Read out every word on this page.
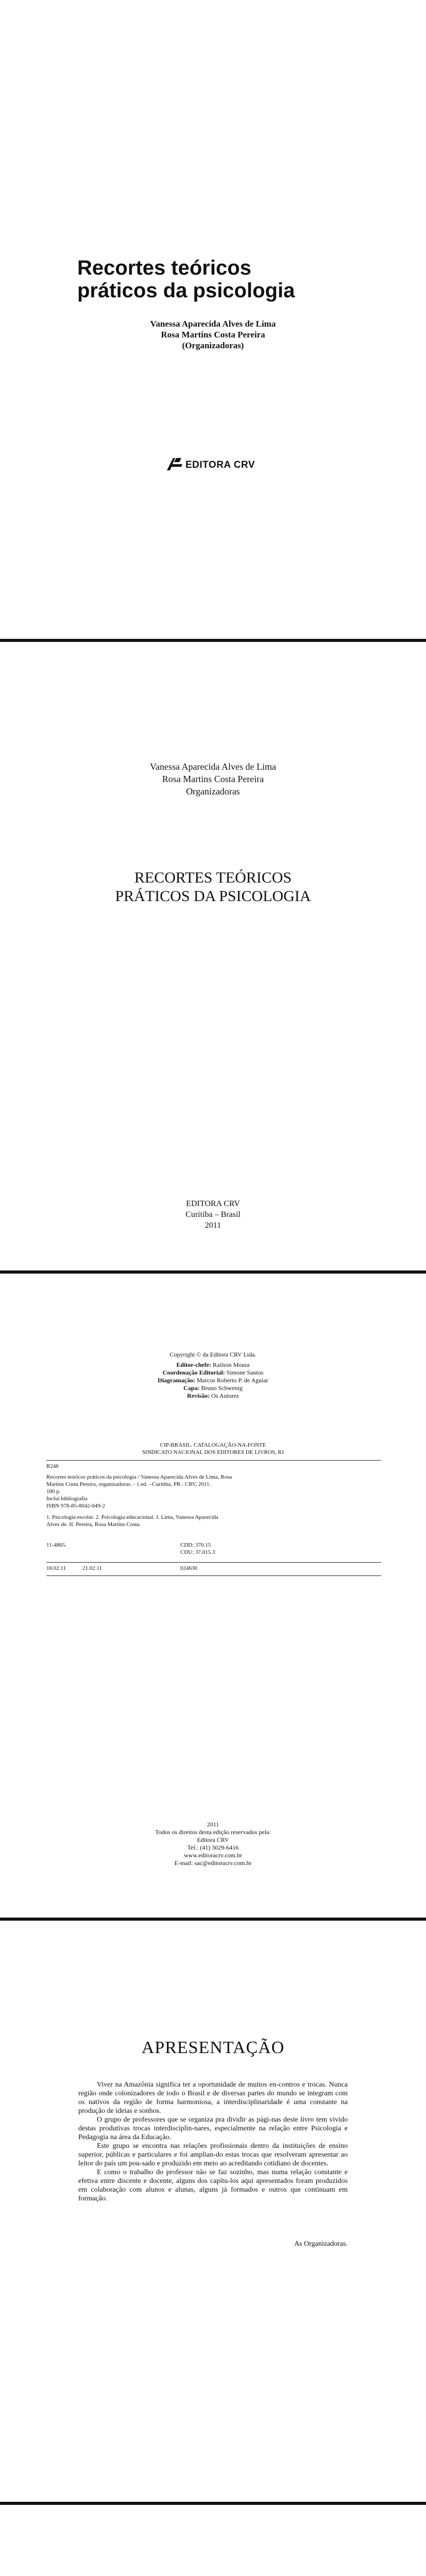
Recortes teóricos
práticos da psicologia
Vanessa Aparecida Alves de Lima
Rosa Martins Costa Pereira
(Organizadoras)
EDITORA CRV
Vanessa Aparecida Alves de Lima
Rosa Martins Costa Pereira
Organizadoras
RECORTES TEÓRICOS
PRÁTICOS DA PSICOLOGIA
EDITORA CRV
Curitiba – Brasil
2011
Copyright © da Editora CRV Ltda.
Editor-chefe: Railson Moura
Coordenação Editorial: Simone Santos
Diagramação: Marcos Roberto P. de Aguiar
Capa: Bruno Schwenig
Revisão: Os Autores
CIP-BRASIL. CATALOGAÇÃO-NA-FONTE
SINDICATO NACIONAL DOS EDITORES DE LIVROS, RJ
R246
Recortes teóricos práticos da psicologia / Vanessa Aparecida Alves de Lima, Rosa
Martins Costa Pereira, organizadoras. - 1.ed. - Curitiba, PR : CRV, 2011.
180 p.
Inclui bibliografia
ISBN 978-85-8042-049-2
1. Psicologia escolar. 2. Psicologia educacional. I. Lima, Vanessa Aparecida
Alves de. II. Pereira, Rosa Martins Costa.
11-4865.	CDD: 370.15
CDU: 37.015.3
18.02.11	21.02.11	024630
2011
Todos os direitos desta edição reservados pela:
Editora CRV
Tel.: (41) 3029-6416
www.editoracrv.com.br
E-mail: sac@editoracrv.com.br
APRESENTAÇÃO

Viver na Amazônia significa ter a oportunidade de muitos en-contros e trocas. Nunca região onde colonizadores de todo o Brasil e de diversas partes do mundo se integram com os nativos da região de forma harmoniosa, a interdisciplinaridade é uma constante na produção de ideias e sonhos.

O grupo de professores que se organiza pra dividir as pági-nas deste livro tem vivido destas produtivas trocas interdisciplin-nares, especialmente na relação entre Psicologia e Pedagogia na área da Educação.

Este grupo se encontra nas relações profissionais dentro da instituições de ensino superior, públicas e particulares e foi amplian-do estas trocas que resolveram apresentar ao leitor do país um pou-sado e produzido em meio ao acreditando cotidiano de docentes.

E como o trabalho do professor não se faz sozinho, mas numa relação constante e efetiva entre discente e docente, alguns dos capítu-los aqui apresentados foram produzidos em colaboração com alunos e alunas, alguns já formados e outros que continuam em formação.

As Organizadoras.
